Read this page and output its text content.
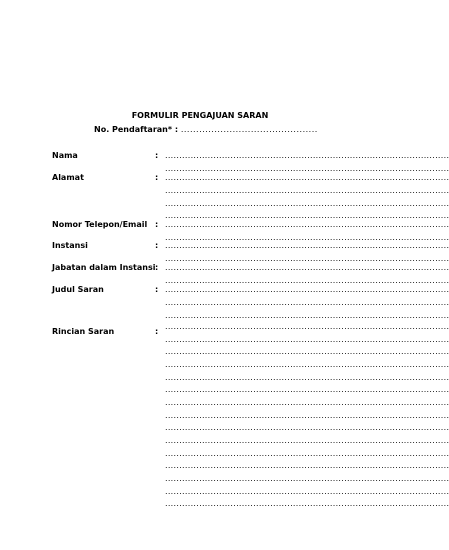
FORMULIR PENGAJUAN SARAN
No. Pendaftaran* : .............................................
Nama	: ....................................................................................................
....................................................................................................
Alamat	: ....................................................................................................
....................................................................................................
....................................................................................................
....................................................................................................
Nomor Telepon/Email : ....................................................................................................
....................................................................................................
Instansi	: ....................................................................................................
....................................................................................................
Jabatan dalam Instansi : ....................................................................................................
....................................................................................................
Judul Saran	: ....................................................................................................
....................................................................................................
....................................................................................................
Rincian Saran	:
....................................................................................................
....................................................................................................
....................................................................................................
....................................................................................................
....................................................................................................
....................................................................................................
....................................................................................................
....................................................................................................
....................................................................................................
....................................................................................................
....................................................................................................
....................................................................................................
....................................................................................................
....................................................................................................
....................................................................................................
